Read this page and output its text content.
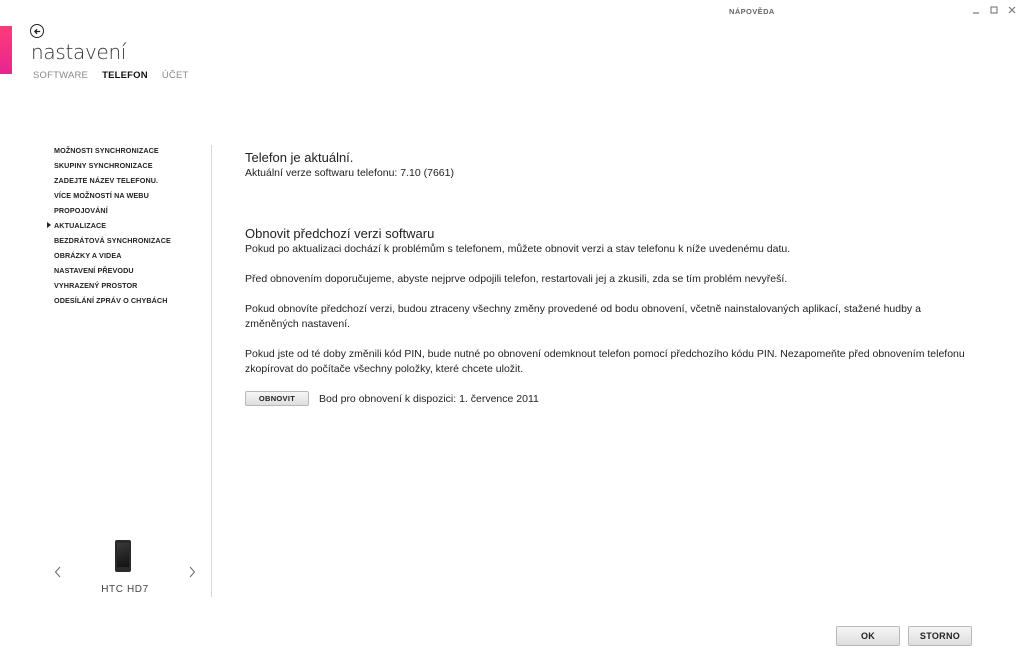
nastavení
SOFTWARE TELEFON ÚČET
NÁPOVĚDA
MOŽNOSTI SYNCHRONIZACE
SKUPINY SYNCHRONIZACE
ZADEJTE NÁZEV TELEFONU.
VÍCE MOŽNOSTÍ NA WEBU
PROPOJOVÁNÍ
AKTUALIZACE
BEZDRÁTOVÁ SYNCHRONIZACE
OBRÁZKY A VIDEA
NASTAVENÍ PŘEVODU
VYHRAZENÝ PROSTOR
ODESÍLÁNÍ ZPRÁV O CHYBÁCH
HTC HD7

Telefon je aktuální.

Aktuální verze softwaru telefonu: 7.10 (7661)

Obnovit předchozí verzi softwaru

Pokud po aktualizaci dochází k problémům s telefonem, můžete obnovit verzi a stav telefonu k níže uvedenému datu.

Před obnovením doporučujeme, abyste nejprve odpojili telefon, restartovali jej a zkusili, zda se tím problém nevyřeší.

Pokud obnovíte předchozí verzi, budou ztraceny všechny změny provedené od bodu obnovení, včetně nainstalovaných aplikací, stažené hudby a změněných nastavení.

Pokud jste od té doby změnili kód PIN, bude nutné po obnovení odemknout telefon pomocí předchozího kódu PIN. Nezapomeňte před obnovením telefonu zkopírovat do počítače všechny položky, které chcete uložit.

OBNOVIT	Bod pro obnovení k dispozici: 1. července 2011
OK	STORNO
